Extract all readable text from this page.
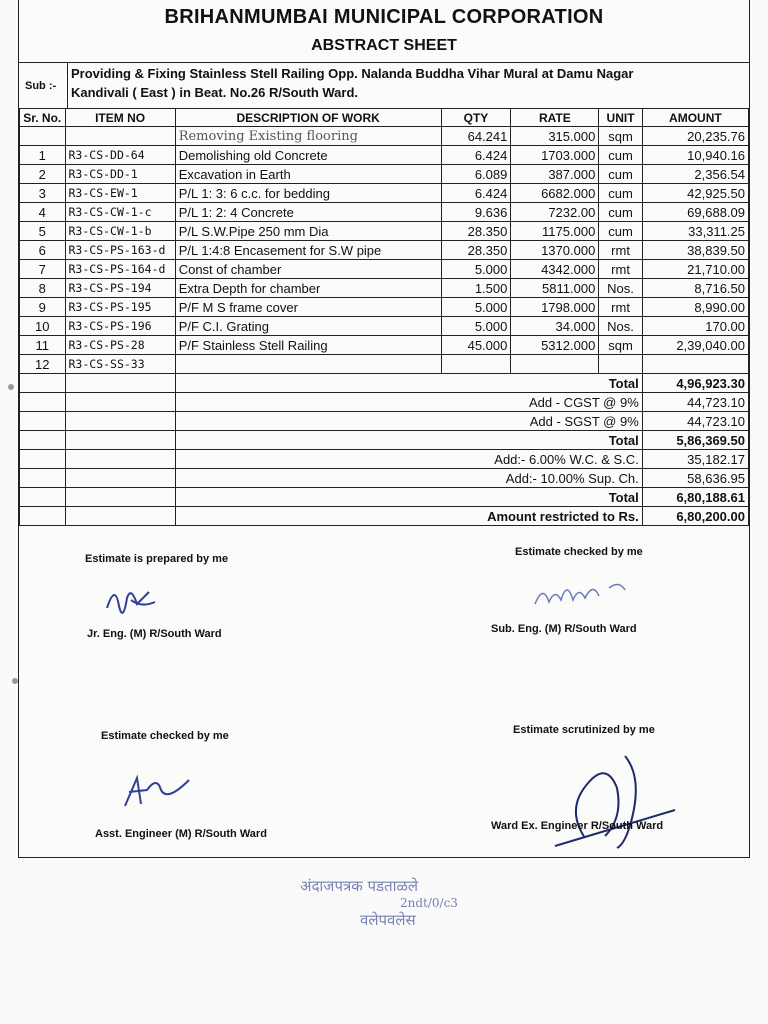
BRIHANMUMBAI MUNICIPAL CORPORATION
ABSTRACT SHEET
Sub :-
Providing & Fixing Stainless Stell Railing Opp. Nalanda Buddha Vihar Mural at Damu Nagar
Kandivali ( East ) in Beat. No.26 R/South Ward.
Sr. No.	ITEM NO	DESCRIPTION OF WORK	QTY	RATE	UNIT	AMOUNT
		Removing Existing flooring	64.241	315.000	sqm	20,235.76
1	R3-CS-DD-64	Demolishing old Concrete	6.424	1703.000	cum	10,940.16
2	R3-CS-DD-1	Excavation in Earth	6.089	387.000	cum	2,356.54
3	R3-CS-EW-1	P/L 1: 3: 6 c.c. for bedding	6.424	6682.000	cum	42,925.50
4	R3-CS-CW-1-c	P/L 1: 2: 4 Concrete	9.636	7232.00	cum	69,688.09
5	R3-CS-CW-1-b	P/L S.W.Pipe 250 mm Dia	28.350	1175.000	cum	33,311.25
6	R3-CS-PS-163-d	P/L 1:4:8 Encasement for S.W pipe	28.350	1370.000	rmt	38,839.50
7	R3-CS-PS-164-d	Const of chamber	5.000	4342.000	rmt	21,710.00
8	R3-CS-PS-194	Extra Depth for chamber	1.500	5811.000	Nos.	8,716.50
9	R3-CS-PS-195	P/F M S frame cover	5.000	1798.000	rmt	8,990.00
10	R3-CS-PS-196	P/F C.I. Grating	5.000	34.000	Nos.	170.00
11	R3-CS-PS-28	P/F Stainless Stell Railing	45.000	5312.000	sqm	2,39,040.00
12	R3-CS-SS-33					
		Total				4,96,923.30
		Add - CGST @ 9%				44,723.10
		Add - SGST @ 9%				44,723.10
		Total				5,86,369.50
		Add:- 6.00% W.C. & S.C.				35,182.17
		Add:- 10.00% Sup. Ch.				58,636.95
		Total				6,80,188.61
		Amount restricted to Rs.				6,80,200.00
Estimate is prepared by me
Jr. Eng. (M) R/South Ward
Estimate checked by me
Sub. Eng. (M) R/South Ward
Estimate checked by me
Asst. Engineer (M) R/South Ward
Estimate scrutinized by me
Ward Ex. Engineer R/South Ward
अंदाजपत्रक पडताळले
2ndt/0/c3
वलेपवलेस
